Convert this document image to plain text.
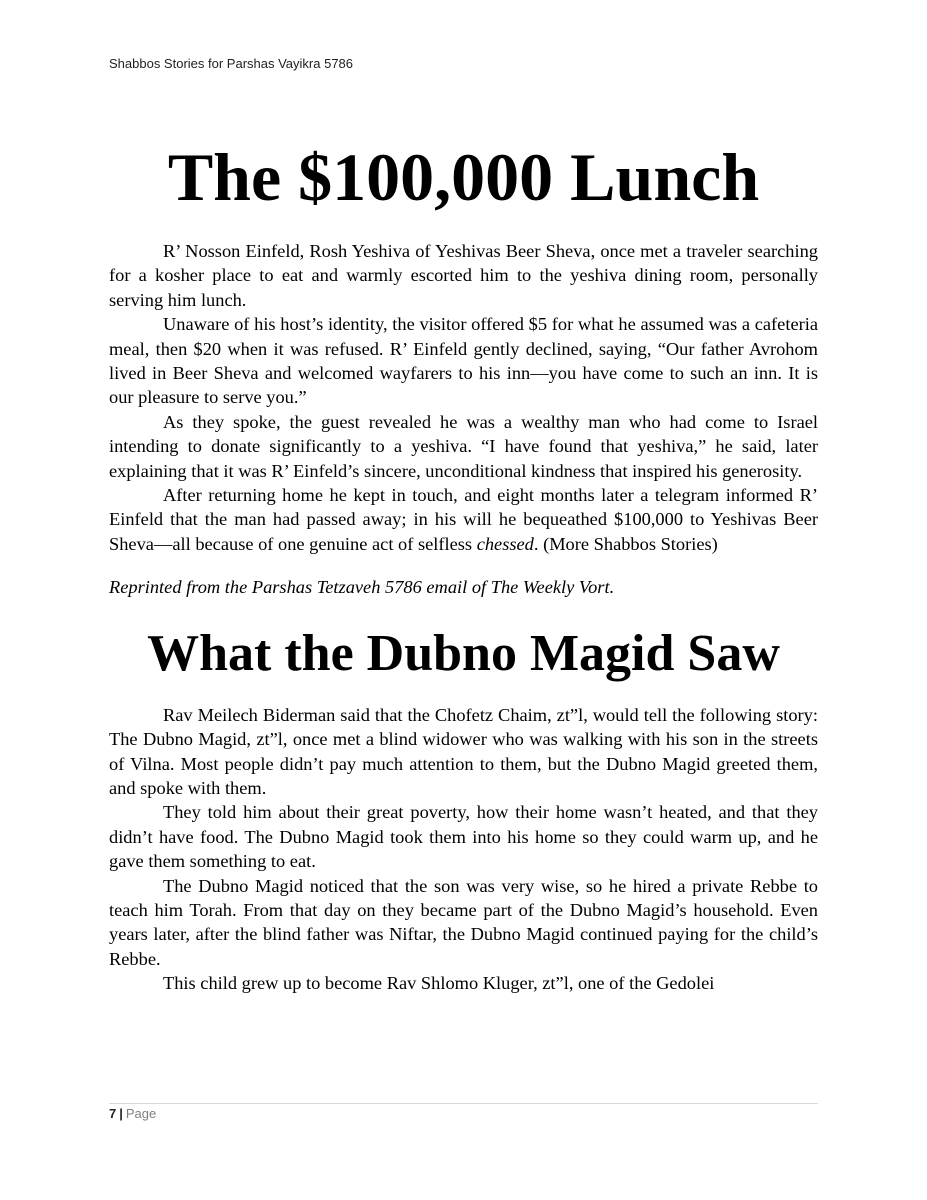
Shabbos Stories for Parshas Vayikra 5786
The $100,000 Lunch

R’ Nosson Einfeld, Rosh Yeshiva of Yeshivas Beer Sheva, once met a traveler searching for a kosher place to eat and warmly escorted him to the yeshiva dining room, personally serving him lunch.

Unaware of his host’s identity, the visitor offered $5 for what he assumed was a cafeteria meal, then $20 when it was refused. R’ Einfeld gently declined, saying, “Our father Avrohom lived in Beer Sheva and welcomed wayfarers to his inn—you have come to such an inn. It is our pleasure to serve you.”

As they spoke, the guest revealed he was a wealthy man who had come to Israel intending to donate significantly to a yeshiva. “I have found that yeshiva,” he said, later explaining that it was R’ Einfeld’s sincere, unconditional kindness that inspired his generosity.

After returning home he kept in touch, and eight months later a telegram informed R’ Einfeld that the man had passed away; in his will he bequeathed $100,000 to Yeshivas Beer Sheva—all because of one genuine act of selfless chessed. (More Shabbos Stories)

Reprinted from the Parshas Tetzaveh 5786 email of The Weekly Vort.

What the Dubno Magid Saw

Rav Meilech Biderman said that the Chofetz Chaim, zt”l, would tell the following story: The Dubno Magid, zt”l, once met a blind widower who was walking with his son in the streets of Vilna. Most people didn’t pay much attention to them, but the Dubno Magid greeted them, and spoke with them.

They told him about their great poverty, how their home wasn’t heated, and that they didn’t have food. The Dubno Magid took them into his home so they could warm up, and he gave them something to eat.

The Dubno Magid noticed that the son was very wise, so he hired a private Rebbe to teach him Torah. From that day on they became part of the Dubno Magid’s household. Even years later, after the blind father was Niftar, the Dubno Magid continued paying for the child’s Rebbe.

This child grew up to become Rav Shlomo Kluger, zt”l, one of the Gedolei

7 | Page
